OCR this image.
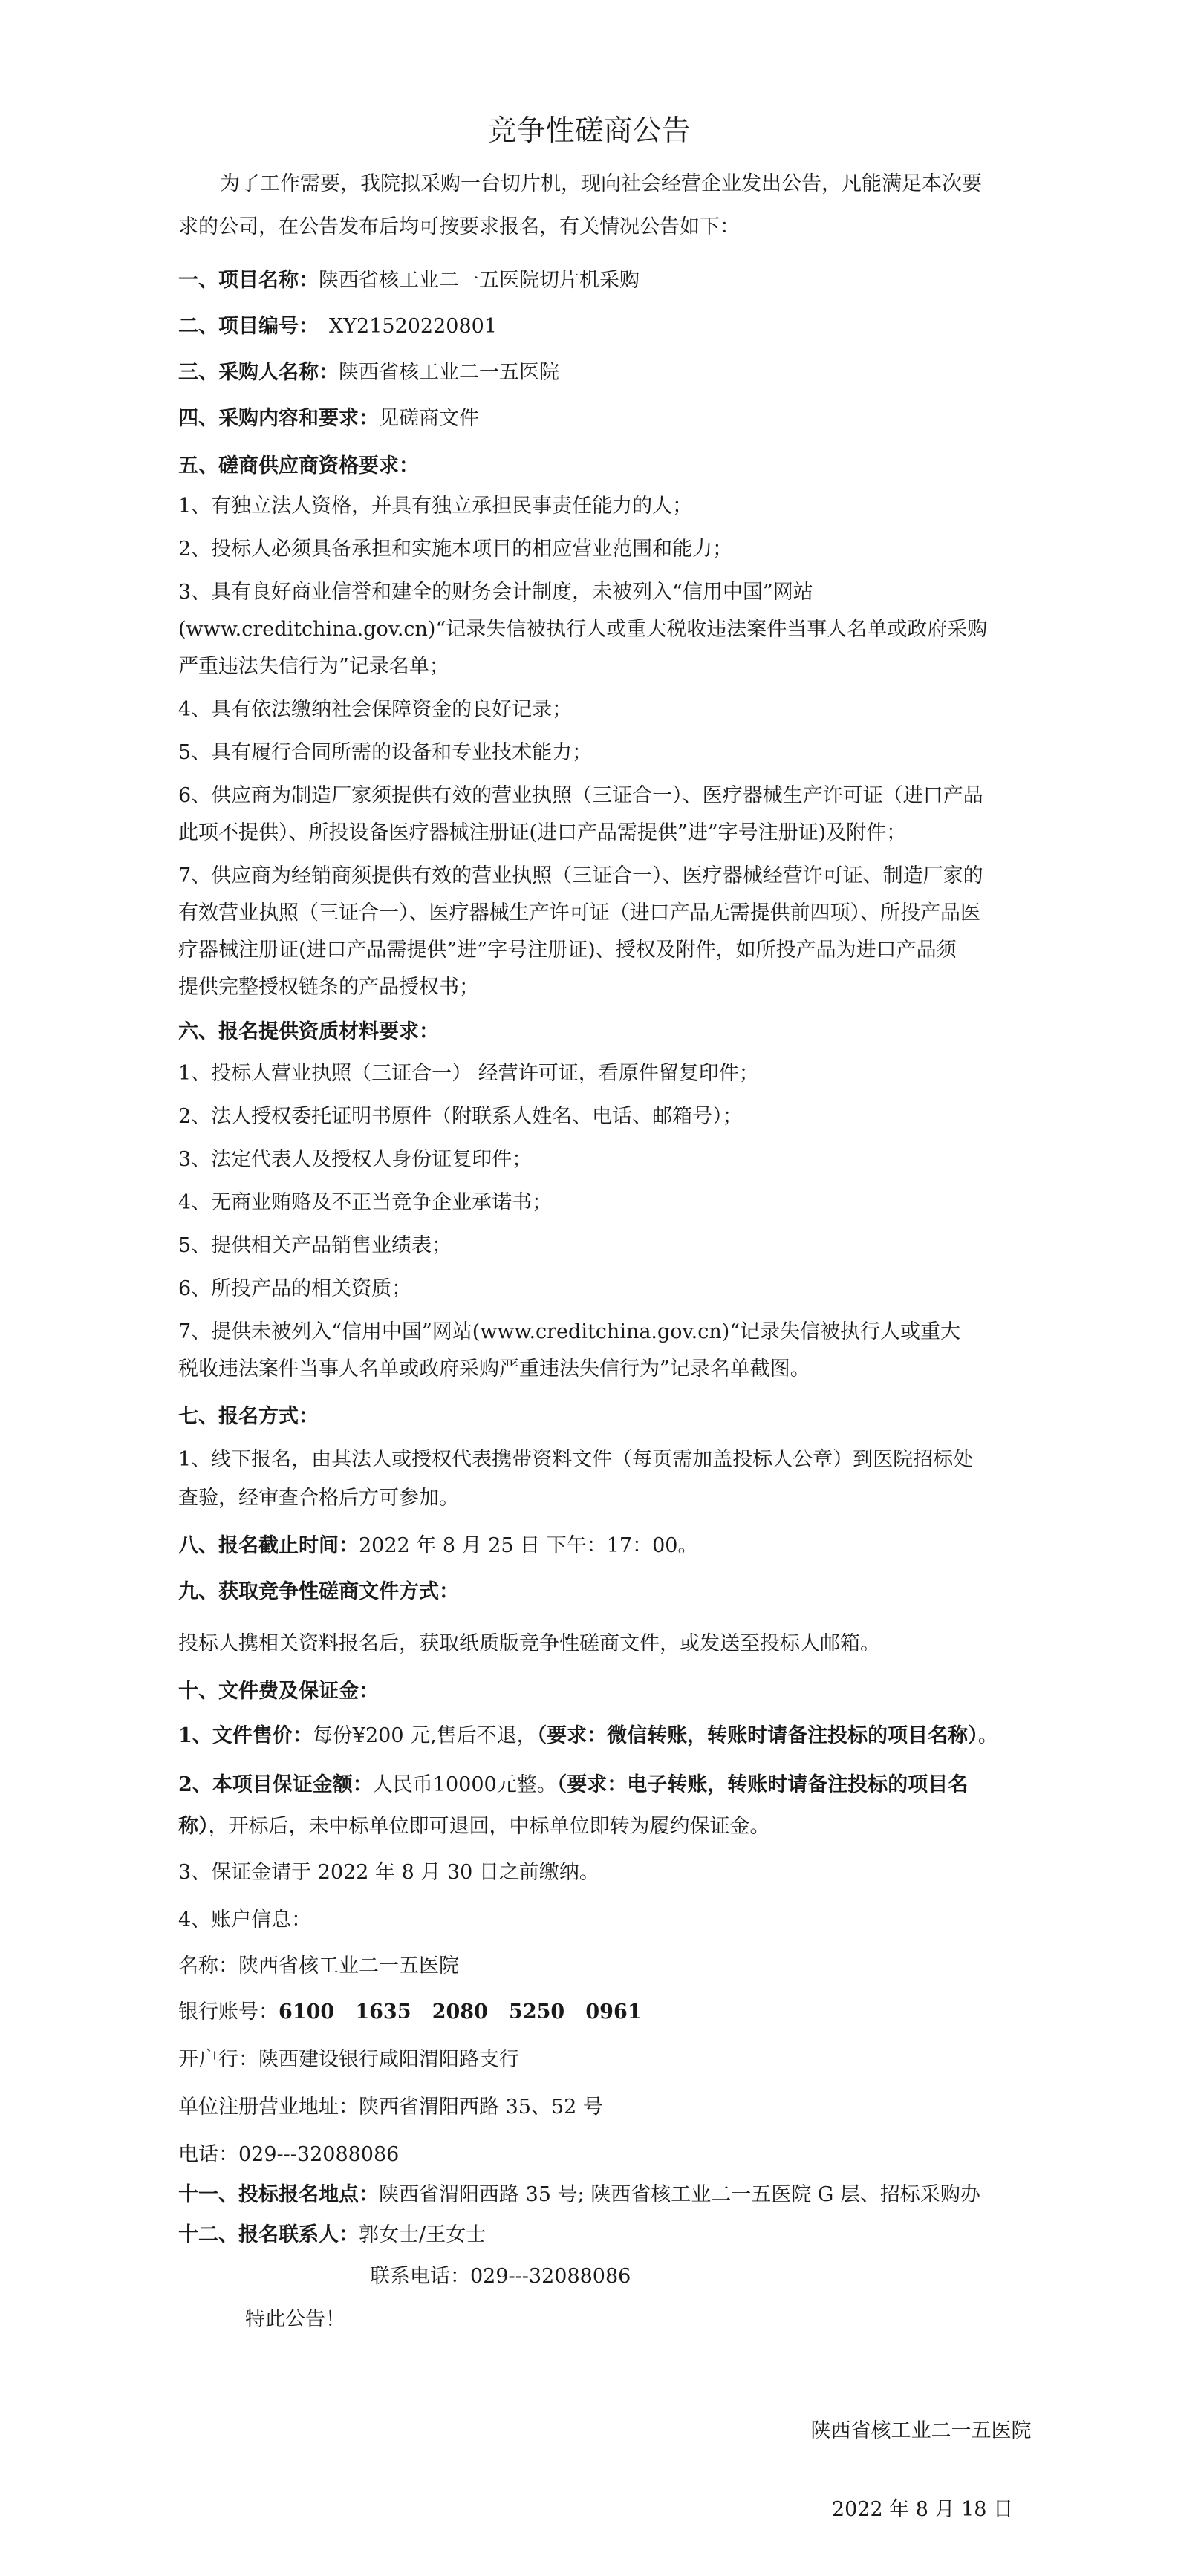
竞争性磋商公告
为了工作需要，我院拟采购一台切片机，现向社会经营企业发出公告，凡能满足本次要
求的公司，在公告发布后均可按要求报名，有关情况公告如下：
一、项目名称：陕西省核工业二一五医院切片机采购
二、项目编号： XY21520220801
三、采购人名称：陕西省核工业二一五医院
四、采购内容和要求：见磋商文件
五、磋商供应商资格要求：
1、有独立法人资格，并具有独立承担民事责任能力的人；
2、投标人必须具备承担和实施本项目的相应营业范围和能力；
3、具有良好商业信誉和建全的财务会计制度，未被列入“信用中国”网站
(www.creditchina.gov.cn)“记录失信被执行人或重大税收违法案件当事人名单或政府采购
严重违法失信行为”记录名单；
4、具有依法缴纳社会保障资金的良好记录；
5、具有履行合同所需的设备和专业技术能力；
6、供应商为制造厂家须提供有效的营业执照（三证合一）、医疗器械生产许可证（进口产品
此项不提供）、所投设备医疗器械注册证(进口产品需提供”进”字号注册证)及附件；
7、供应商为经销商须提供有效的营业执照（三证合一）、医疗器械经营许可证、制造厂家的
有效营业执照（三证合一）、医疗器械生产许可证（进口产品无需提供前四项）、所投产品医
疗器械注册证(进口产品需提供”进”字号注册证)、授权及附件，如所投产品为进口产品须
提供完整授权链条的产品授权书；
六、报名提供资质材料要求：
1、投标人营业执照（三证合一） 经营许可证，看原件留复印件；
2、法人授权委托证明书原件（附联系人姓名、电话、邮箱号）；
3、法定代表人及授权人身份证复印件；
4、无商业贿赂及不正当竞争企业承诺书；
5、提供相关产品销售业绩表；
6、所投产品的相关资质；
7、提供未被列入“信用中国”网站(www.creditchina.gov.cn)“记录失信被执行人或重大
税收违法案件当事人名单或政府采购严重违法失信行为”记录名单截图。
七、报名方式：
1、线下报名，由其法人或授权代表携带资料文件（每页需加盖投标人公章）到医院招标处
查验，经审查合格后方可参加。
八、报名截止时间：2022 年 8 月 25 日 下午：17：00。
九、获取竞争性磋商文件方式：
投标人携相关资料报名后，获取纸质版竞争性磋商文件，或发送至投标人邮箱。
十、文件费及保证金：
1、文件售价：每份¥200 元,售后不退，（要求：微信转账，转账时请备注投标的项目名称）。
2、本项目保证金额：人民币10000元整。（要求：电子转账，转账时请备注投标的项目名
称），开标后，未中标单位即可退回，中标单位即转为履约保证金。
3、保证金请于 2022 年 8 月 30 日之前缴纳。
4、账户信息：
名称：陕西省核工业二一五医院
银行账号：6100   1635   2080   5250   0961
开户行：陕西建设银行咸阳渭阳路支行
单位注册营业地址：陕西省渭阳西路 35、52 号
电话：029---32088086
十一、投标报名地点：陕西省渭阳西路 35 号; 陕西省核工业二一五医院 G 层、招标采购办
十二、报名联系人：郭女士/王女士
联系电话：029---32088086
特此公告！
陕西省核工业二一五医院
2022 年 8 月 18 日
